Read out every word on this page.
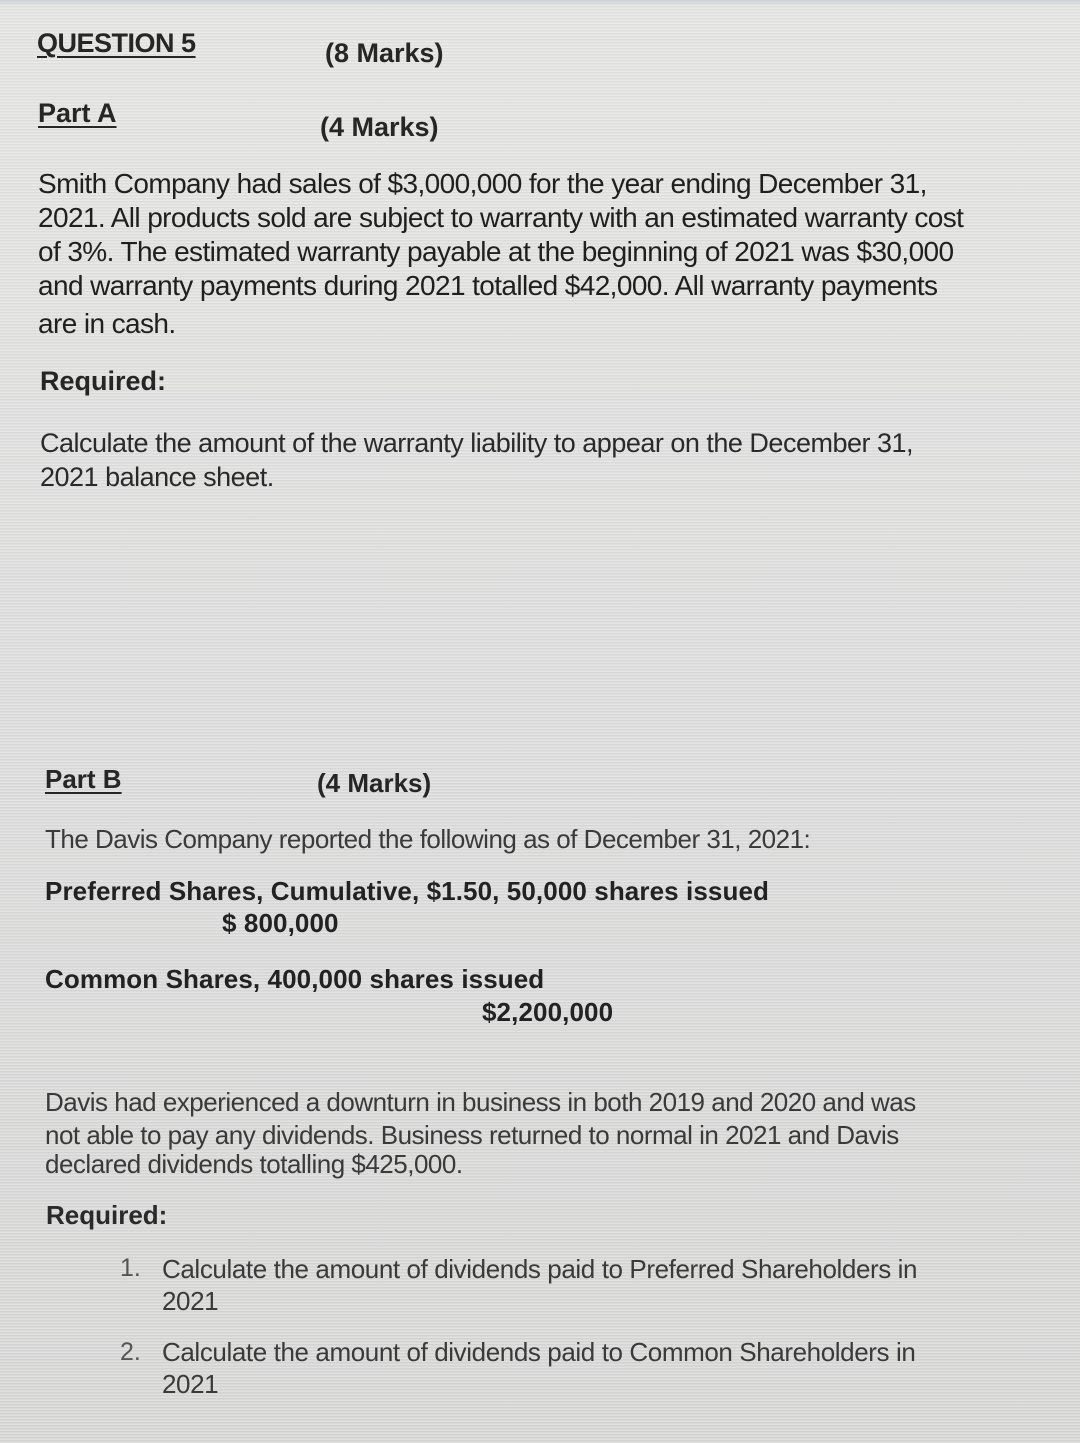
QUESTION 5	(8 Marks)
Part A	(4 Marks)
Smith Company had sales of $3,000,000 for the year ending December 31,
2021. All products sold are subject to warranty with an estimated warranty cost
of 3%. The estimated warranty payable at the beginning of 2021 was $30,000
and warranty payments during 2021 totalled $42,000. All warranty payments
are in cash.
Required:
Calculate the amount of the warranty liability to appear on the December 31,
2021 balance sheet.
Part B	(4 Marks)
The Davis Company reported the following as of December 31, 2021:
Preferred Shares, Cumulative, $1.50, 50,000 shares issued
$ 800,000
Common Shares, 400,000 shares issued
$2,200,000
Davis had experienced a downturn in business in both 2019 and 2020 and was
not able to pay any dividends. Business returned to normal in 2021 and Davis
declared dividends totalling $425,000.
Required:
1. Calculate the amount of dividends paid to Preferred Shareholders in
2021
2. Calculate the amount of dividends paid to Common Shareholders in
2021
